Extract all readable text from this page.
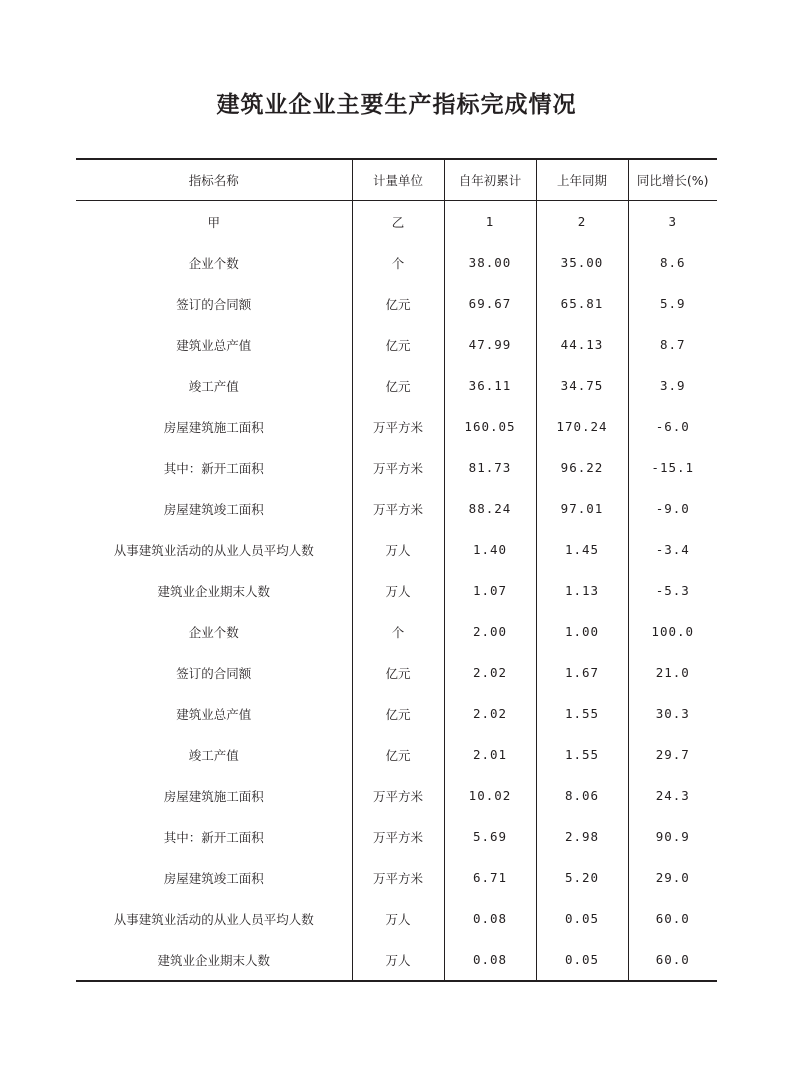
建筑业企业主要生产指标完成情况
指标名称	计量单位	自年初累计	上年同期	同比增长(%)
甲	乙	1	2	3
企业个数	个	38.00	35.00	8.6
签订的合同额	亿元	69.67	65.81	5.9
建筑业总产值	亿元	47.99	44.13	8.7
竣工产值	亿元	36.11	34.75	3.9
房屋建筑施工面积	万平方米	160.05	170.24	-6.0
其中：新开工面积	万平方米	81.73	96.22	-15.1
房屋建筑竣工面积	万平方米	88.24	97.01	-9.0
从事建筑业活动的从业人员平均人数	万人	1.40	1.45	-3.4
建筑业企业期末人数	万人	1.07	1.13	-5.3
企业个数	个	2.00	1.00	100.0
签订的合同额	亿元	2.02	1.67	21.0
建筑业总产值	亿元	2.02	1.55	30.3
竣工产值	亿元	2.01	1.55	29.7
房屋建筑施工面积	万平方米	10.02	8.06	24.3
其中：新开工面积	万平方米	5.69	2.98	90.9
房屋建筑竣工面积	万平方米	6.71	5.20	29.0
从事建筑业活动的从业人员平均人数	万人	0.08	0.05	60.0
建筑业企业期末人数	万人	0.08	0.05	60.0
